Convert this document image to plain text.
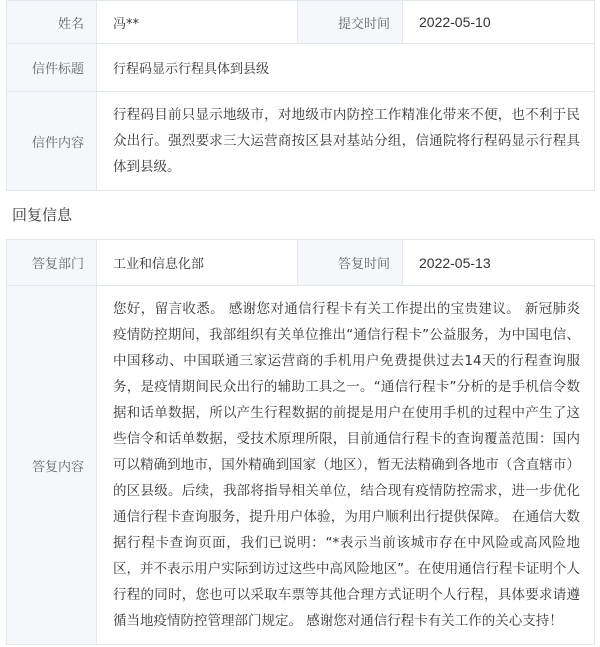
姓名	冯**	提交时间	2022-05-10
信件标题	行程码显示行程具体到县级		
信件内容	行程码目前只显示地级市，对地级市内防控工作精准化带来不便，也不利于民众出行。强烈要求三大运营商按区县对基站分组，信通院将行程码显示行程具体到县级。		
回复信息
答复部门	工业和信息化部	答复时间	2022-05-13
答复内容	您好，留言收悉。 感谢您对通信行程卡有关工作提出的宝贵建议。 新冠肺炎疫情防控期间，我部组织有关单位推出“通信行程卡”公益服务，为中国电信、中国移动、中国联通三家运营商的手机用户免费提供过去14天的行程查询服务，是疫情期间民众出行的辅助工具之一。“通信行程卡”分析的是手机信令数据和话单数据，所以产生行程数据的前提是用户在使用手机的过程中产生了这些信令和话单数据，受技术原理所限，目前通信行程卡的查询覆盖范围：国内可以精确到地市，国外精确到国家（地区），暂无法精确到各地市（含直辖市）的区县级。后续，我部将指导相关单位，结合现有疫情防控需求，进一步优化通信行程卡查询服务，提升用户体验，为用户顺利出行提供保障。 在通信大数据行程卡查询页面，我们已说明：“*表示当前该城市存在中风险或高风险地区，并不表示用户实际到访过这些中高风险地区”。在使用通信行程卡证明个人行程的同时，您也可以采取车票等其他合理方式证明个人行程，具体要求请遵循当地疫情防控管理部门规定。 感谢您对通信行程卡有关工作的关心支持！		
